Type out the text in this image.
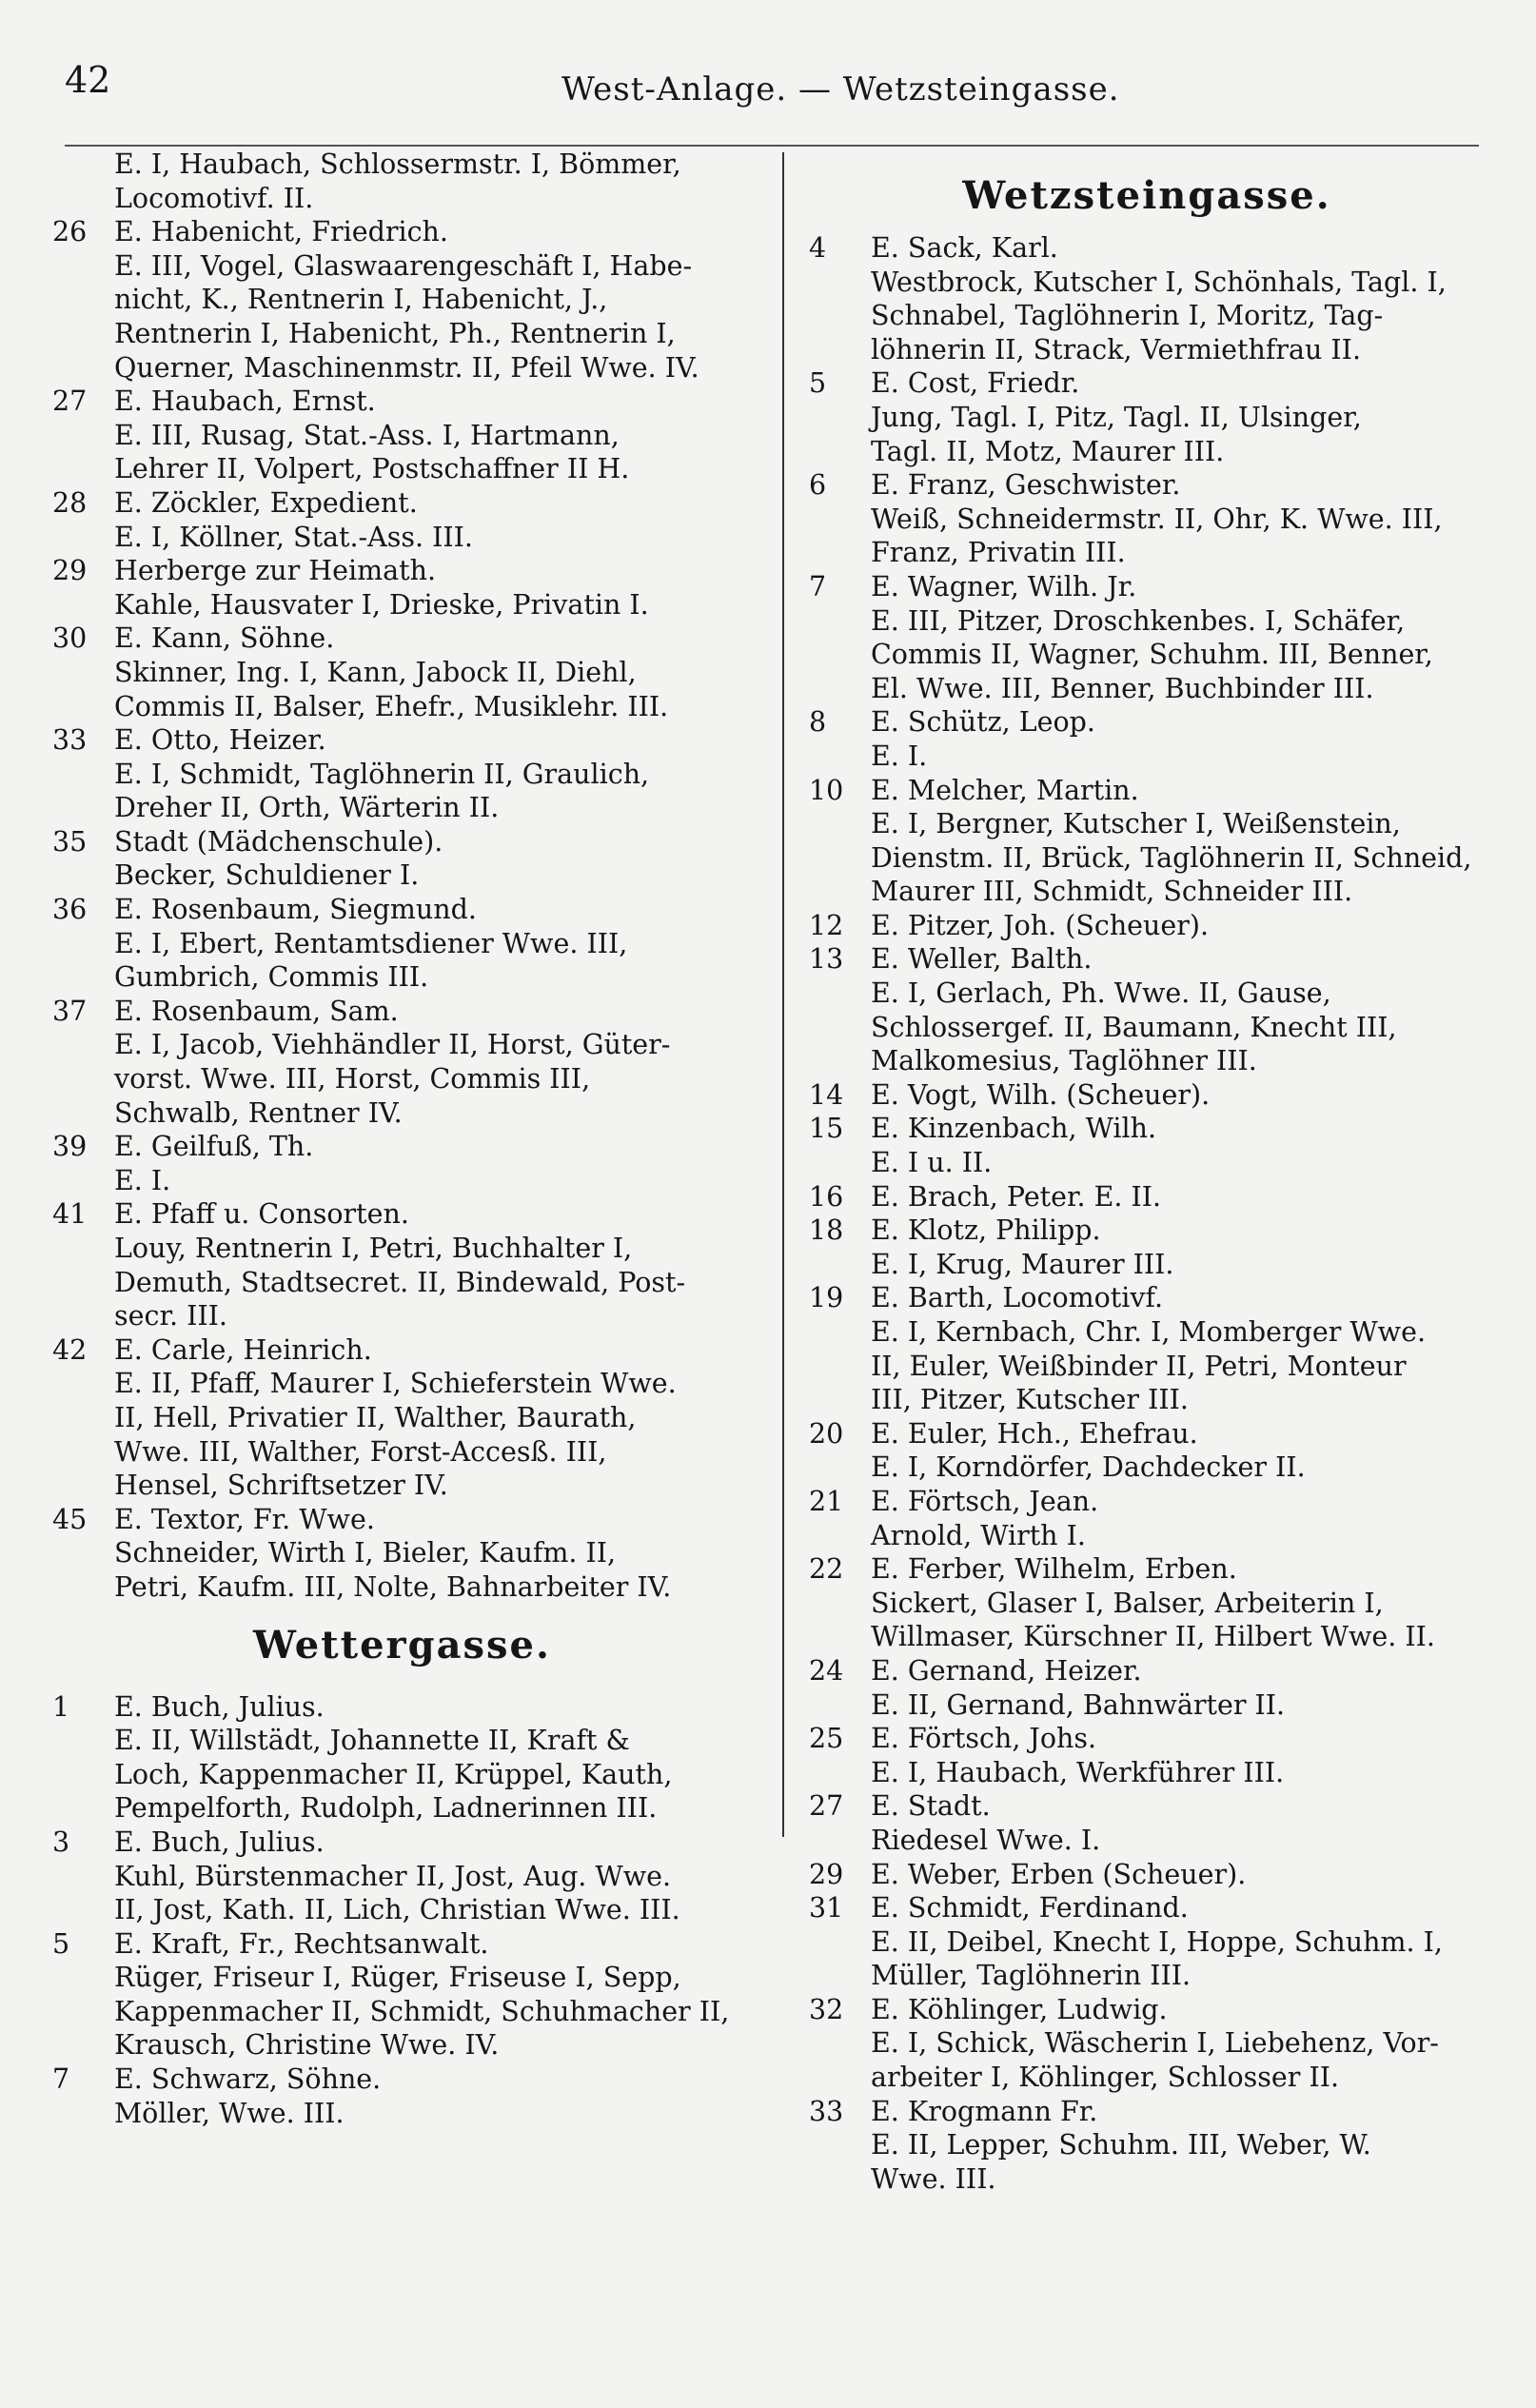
42	West-Anlage. — Wetzsteingasse.
E. I, Haubach, Schlossermstr. I, Bömmer,
Locomotivf. II.
26	E. Habenicht, Friedrich.
E. III, Vogel, Glaswaarengeschäft I, Habe-
nicht, K., Rentnerin I, Habenicht, J.,
Rentnerin I, Habenicht, Ph., Rentnerin I,
Querner, Maschinenmstr. II, Pfeil Wwe. IV.
27	E. Haubach, Ernst.
E. III, Rusag, Stat.-Ass. I, Hartmann,
Lehrer II, Volpert, Postschaffner II H.
28	E. Zöckler, Expedient.
E. I, Köllner, Stat.-Ass. III.
29	Herberge zur Heimath.
Kahle, Hausvater I, Drieske, Privatin I.
30	E. Kann, Söhne.
Skinner, Ing. I, Kann, Jabock II, Diehl,
Commis II, Balser, Ehefr., Musiklehr. III.
33	E. Otto, Heizer.
E. I, Schmidt, Taglöhnerin II, Graulich,
Dreher II, Orth, Wärterin II.
35	Stadt (Mädchenschule).
Becker, Schuldiener I.
36	E. Rosenbaum, Siegmund.
E. I, Ebert, Rentamtsdiener Wwe. III,
Gumbrich, Commis III.
37	E. Rosenbaum, Sam.
E. I, Jacob, Viehhändler II, Horst, Güter-
vorst. Wwe. III, Horst, Commis III,
Schwalb, Rentner IV.
39	E. Geilfuß, Th.
E. I.
41	E. Pfaff u. Consorten.
Louy, Rentnerin I, Petri, Buchhalter I,
Demuth, Stadtsecret. II, Bindewald, Post-
secr. III.
42	E. Carle, Heinrich.
E. II, Pfaff, Maurer I, Schieferstein Wwe.
II, Hell, Privatier II, Walther, Baurath,
Wwe. III, Walther, Forst-Accesß. III,
Hensel, Schriftsetzer IV.
45	E. Textor, Fr. Wwe.
Schneider, Wirth I, Bieler, Kaufm. II,
Petri, Kaufm. III, Nolte, Bahnarbeiter IV.
Wettergasse.
1	E. Buch, Julius.
E. II, Willstädt, Johannette II, Kraft &
Loch, Kappenmacher II, Krüppel, Kauth,
Pempelforth, Rudolph, Ladnerinnen III.
3	E. Buch, Julius.
Kuhl, Bürstenmacher II, Jost, Aug. Wwe.
II, Jost, Kath. II, Lich, Christian Wwe. III.
5	E. Kraft, Fr., Rechtsanwalt.
Rüger, Friseur I, Rüger, Friseuse I, Sepp,
Kappenmacher II, Schmidt, Schuhmacher II,
Krausch, Christine Wwe. IV.
7	E. Schwarz, Söhne.
Möller, Wwe. III.
Wetzsteingasse.
4	E. Sack, Karl.
Westbrock, Kutscher I, Schönhals, Tagl. I,
Schnabel, Taglöhnerin I, Moritz, Tag-
löhnerin II, Strack, Vermiethfrau II.
5	E. Cost, Friedr.
Jung, Tagl. I, Pitz, Tagl. II, Ulsinger,
Tagl. II, Motz, Maurer III.
6	E. Franz, Geschwister.
Weiß, Schneidermstr. II, Ohr, K. Wwe. III,
Franz, Privatin III.
7	E. Wagner, Wilh. Jr.
E. III, Pitzer, Droschkenbes. I, Schäfer,
Commis II, Wagner, Schuhm. III, Benner,
El. Wwe. III, Benner, Buchbinder III.
8	E. Schütz, Leop.
E. I.
10	E. Melcher, Martin.
E. I, Bergner, Kutscher I, Weißenstein,
Dienstm. II, Brück, Taglöhnerin II, Schneid,
Maurer III, Schmidt, Schneider III.
12	E. Pitzer, Joh. (Scheuer).
13	E. Weller, Balth.
E. I, Gerlach, Ph. Wwe. II, Gause,
Schlossergef. II, Baumann, Knecht III,
Malkomesius, Taglöhner III.
14	E. Vogt, Wilh. (Scheuer).
15	E. Kinzenbach, Wilh.
E. I u. II.
16	E. Brach, Peter. E. II.
18	E. Klotz, Philipp.
E. I, Krug, Maurer III.
19	E. Barth, Locomotivf.
E. I, Kernbach, Chr. I, Momberger Wwe.
II, Euler, Weißbinder II, Petri, Monteur
III, Pitzer, Kutscher III.
20	E. Euler, Hch., Ehefrau.
E. I, Korndörfer, Dachdecker II.
21	E. Förtsch, Jean.
Arnold, Wirth I.
22	E. Ferber, Wilhelm, Erben.
Sickert, Glaser I, Balser, Arbeiterin I,
Willmaser, Kürschner II, Hilbert Wwe. II.
24	E. Gernand, Heizer.
E. II, Gernand, Bahnwärter II.
25	E. Förtsch, Johs.
E. I, Haubach, Werkführer III.
27	E. Stadt.
Riedesel Wwe. I.
29	E. Weber, Erben (Scheuer).
31	E. Schmidt, Ferdinand.
E. II, Deibel, Knecht I, Hoppe, Schuhm. I,
Müller, Taglöhnerin III.
32	E. Köhlinger, Ludwig.
E. I, Schick, Wäscherin I, Liebehenz, Vor-
arbeiter I, Köhlinger, Schlosser II.
33	E. Krogmann Fr.
E. II, Lepper, Schuhm. III, Weber, W.
Wwe. III.
